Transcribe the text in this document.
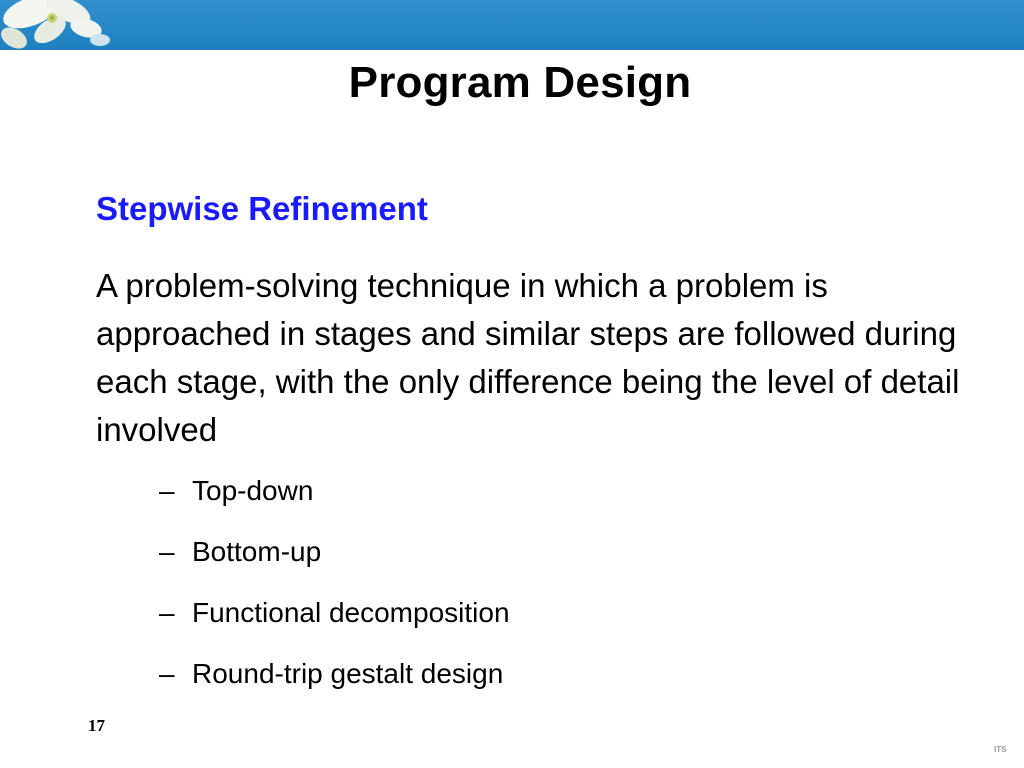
Program Design
Stepwise Refinement
A problem-solving technique in which a problem is approached in stages and similar steps are followed during each stage, with the only difference being the level of detail involved
– Top-down
– Bottom-up
– Functional decomposition
– Round-trip gestalt design
17
ITS
